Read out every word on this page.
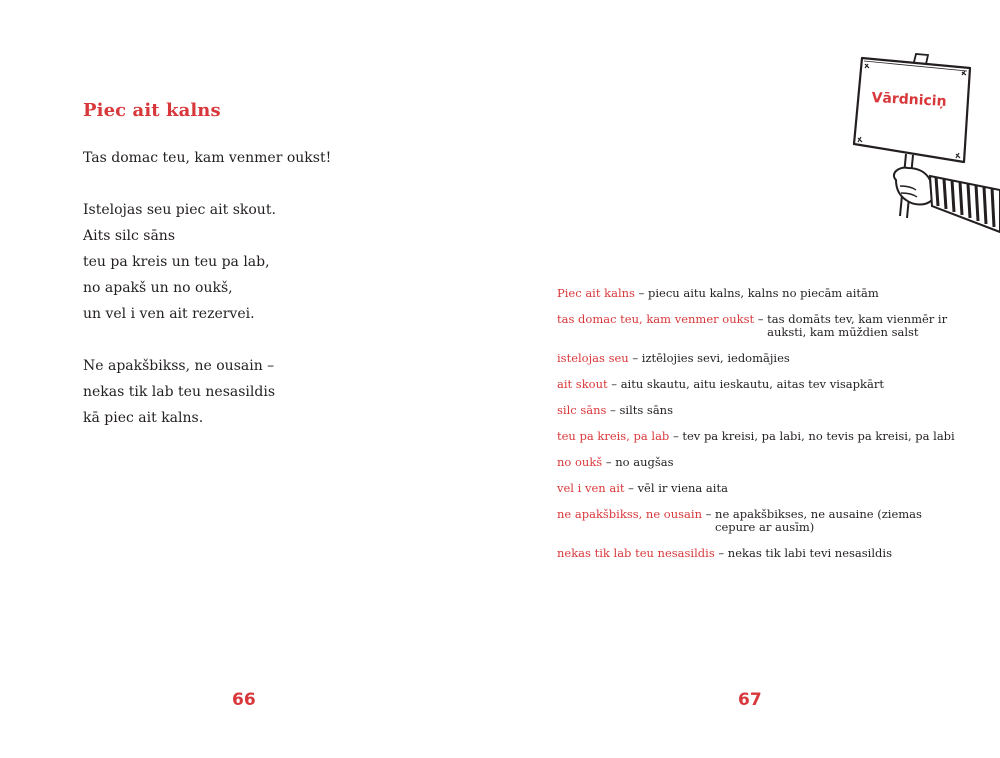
Piec ait kalns
Tas domac teu, kam venmer oukst!
Istelojas seu piec ait skout.
Aits silc sāns
teu pa kreis un teu pa lab,
no apakš un no oukš,
un vel i ven ait rezervei.
Ne apakšbikss, ne ousain –
nekas tik lab teu nesasildis
kā piec ait kalns.
66
Vārdniciņ
Piec ait kalns – piecu aitu kalns, kalns no piecām aitām
tas domac teu, kam venmer oukst – tas domāts tev, kam vienmēr ir auksti, kam mūždien salst
istelojas seu – iztēlojies sevi, iedomājies
ait skout – aitu skautu, aitu ieskautu, aitas tev visapkārt
silc sāns – silts sāns
teu pa kreis, pa lab – tev pa kreisi, pa labi, no tevis pa kreisi, pa labi
no oukš – no augšas
vel i ven ait – vēl ir viena aita
ne apakšbikss, ne ousain – ne apakšbikses, ne ausaine (ziemas cepure ar ausīm)
nekas tik lab teu nesasildis – nekas tik labi tevi nesasildis
67
